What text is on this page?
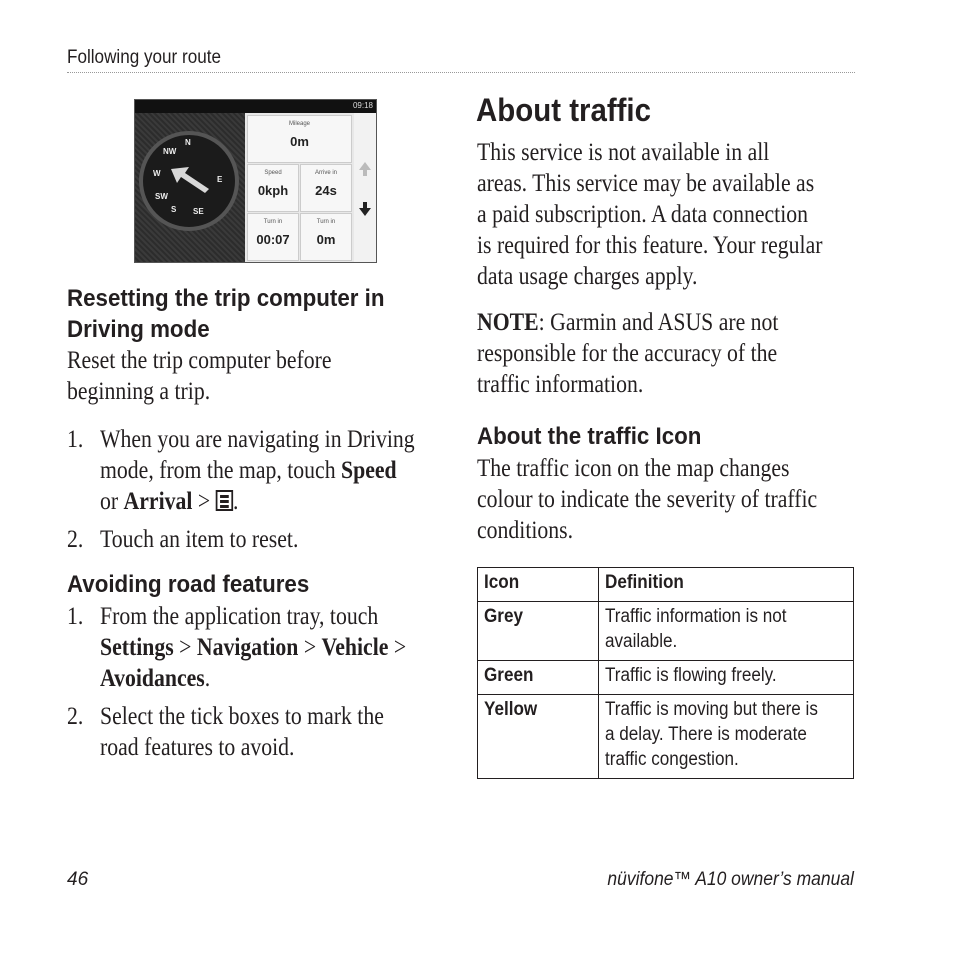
Following your route
09:18
N
NW
W
SW
S SE
E
Mileage
0m
Speed
0kph
Arrive in
24s
Turn in
00:07
Turn in
0m
Resetting the trip computer in
Driving mode

Reset the trip computer before
beginning a trip.

1. When you are navigating in Driving
mode, from the map, touch Speed
or Arrival >
.

2. Touch an item to reset.

Avoiding road features
1. From the application tray, touch
Settings > Navigation > Vehicle >
Avoidances.

2. Select the tick boxes to mark the
road features to avoid.

About traffic

This service is not available in all
areas. This service may be available as
a paid subscription. A data connection
is required for this feature. Your regular
data usage charges apply.

NOTE: Garmin and ASUS are not
responsible for the accuracy of the
traffic information.

About the traffic Icon

The traffic icon on the map changes
colour to indicate the severity of traffic
conditions.

Icon	Definition
Grey	Traffic information is not
available.
Green	Traffic is flowing freely.
Yellow	Traffic is moving but there is
a delay. There is moderate
traffic congestion.
46	nüvifone™ A10 owner’s manual
